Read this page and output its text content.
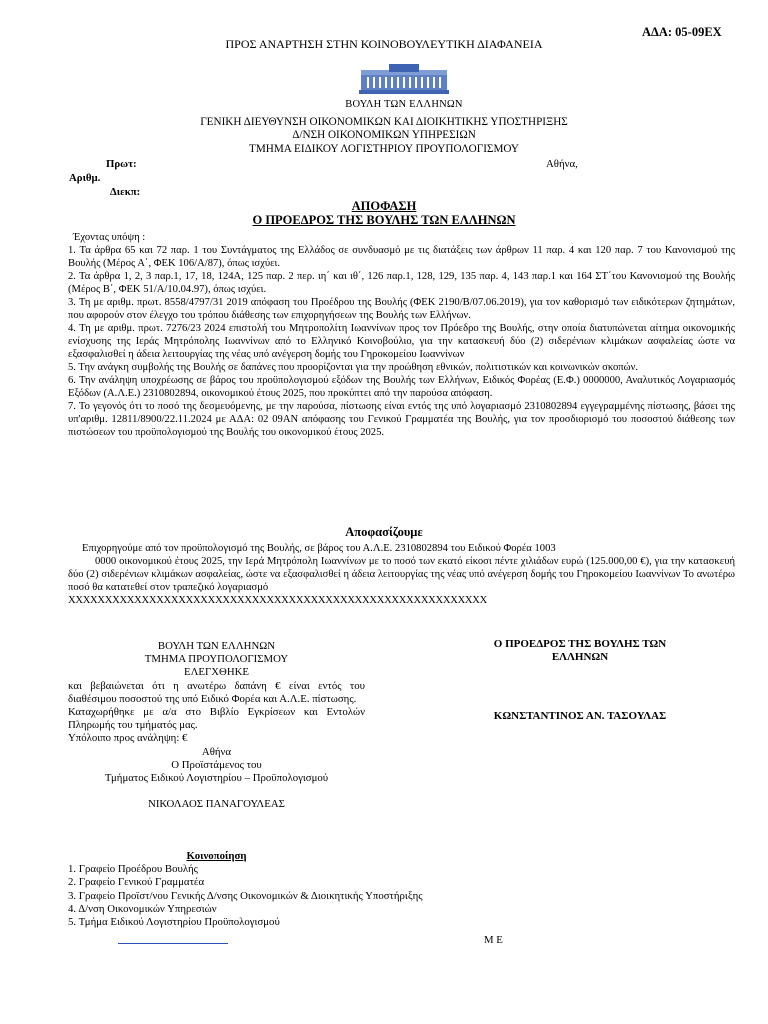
ΑΔΑ: 05-09ΕΧ
ΠΡΟΣ ΑΝΑΡΤΗΣΗ ΣΤΗΝ ΚΟΙΝΟΒΟΥΛΕΥΤΙΚΗ ΔΙΑΦΑΝΕΙΑ
ΒΟΥΛΗ ΤΩΝ ΕΛΛΗΝΩΝ
ΓΕΝΙΚΗ ΔΙΕΥΘΥΝΣΗ ΟΙΚΟΝΟΜΙΚΩΝ ΚΑΙ ΔΙΟΙΚΗΤΙΚΗΣ ΥΠΟΣΤΗΡΙΞΗΣ
Δ/ΝΣΗ ΟΙΚΟΝΟΜΙΚΩΝ ΥΠΗΡΕΣΙΩΝ
ΤΜΗΜΑ ΕΙΔΙΚΟΥ ΛΟΓΙΣΤΗΡΙΟΥ ΠΡΟΥΠΟΛΟΓΙΣΜΟΥ
Πρωτ:	Αθήνα,
Αριθμ.
Διεκπ:
ΑΠΟΦΑΣΗ
Ο ΠΡΟΕΔΡΟΣ ΤΗΣ ΒΟΥΛΗΣ ΤΩΝ ΕΛΛΗΝΩΝ

Έχοντας υπόψη :

1. Τα άρθρα 65 και 72 παρ. 1 του Συντάγματος της Ελλάδος σε συνδυασμό με τις διατάξεις των άρθρων 11 παρ. 4 και 120 παρ. 7 του Κανονισμού της Βουλής (Μέρος Α΄, ΦΕΚ 106/Α/87), όπως ισχύει.

2. Τα άρθρα 1, 2, 3 παρ.1, 17, 18, 124Α, 125 παρ. 2 περ. ιη΄ και ιθ΄, 126 παρ.1, 128, 129, 135 παρ. 4, 143 παρ.1 και 164 ΣΤ΄του Κανονισμού της Βουλής (Μέρος Β΄, ΦΕΚ 51/Α/10.04.97), όπως ισχύει.

3. Τη με αριθμ. πρωτ. 8558/4797/31 2019 απόφαση του Προέδρου της Βουλής (ΦΕΚ 2190/Β/07.06.2019), για τον καθορισμό των ειδικότερων ζητημάτων, που αφορούν στον έλεγχο του τρόπου διάθεσης των επιχορηγήσεων της Βουλής των Ελλήνων.

4. Τη με αριθμ. πρωτ. 7276/23 2024 επιστολή του Μητροπολίτη Ιωαννίνων προς τον Πρόεδρο της Βουλής, στην οποία διατυπώνεται αίτημα οικονομικής ενίσχυσης της Ιεράς Μητρόπολης Ιωαννίνων από το Ελληνικό Κοινοβούλιο, για την κατασκευή δύο (2) σιδερένιων κλιμάκων ασφαλείας ώστε να εξασφαλισθεί η άδεια λειτουργίας της νέας υπό ανέγερση δομής του Γηροκομείου Ιωαννίνων

5. Την ανάγκη συμβολής της Βουλής σε δαπάνες που προορίζονται για την προώθηση εθνικών, πολιτιστικών και κοινωνικών σκοπών.

6. Την ανάληψη υποχρέωσης σε βάρος του προϋπολογισμού εξόδων της Βουλής των Ελλήνων, Ειδικός Φορέας (Ε.Φ.) 0000000, Αναλυτικός Λογαριασμός Εξόδων (Α.Λ.Ε.) 2310802894, οικονομικού έτους 2025, που προκύπτει από την παρούσα απόφαση.

7. Το γεγονός ότι το ποσό της δεσμευόμενης, με την παρούσα, πίστωσης είναι εντός της υπό λογαριασμό 2310802894 εγγεγραμμένης πίστωσης, βάσει της υπ'αριθμ. 12811/8900/22.11.2024 με ΑΔΑ: 02 09ΑΝ απόφασης του Γενικού Γραμματέα της Βουλής, για τον προσδιορισμό του ποσοστού διάθεσης των πιστώσεων του προϋπολογισμού της Βουλής του οικονομικού έτους 2025.

Αποφασίζουμε

Επιχορηγούμε από τον προϋπολογισμό της Βουλής, σε βάρος του Α.Λ.Ε. 2310802894 του Ειδικού Φορέα 1003

0000 οικονομικού έτους 2025, την Ιερά Μητρόπολη Ιωαννίνων με το ποσό των εκατό είκοσι πέντε χιλιάδων ευρώ (125.000,00 €), για την κατασκευή δύο (2) σιδερένιων κλιμάκων ασφαλείας, ώστε να εξασφαλισθεί η άδεια λειτουργίας της νέας υπό ανέγερση δομής του Γηροκομείου Ιωαννίνων Το ανωτέρω ποσό θα κατατεθεί στον τραπεζικό λογαριασμό

XXXXXXXXXXXXXXXXXXXXXXXXXXXXXXXXXXXXXXXXXXXXXXXXXXXXXXXXX

ΒΟΥΛΗ ΤΩΝ ΕΛΛΗΝΩΝ

ΤΜΗΜΑ ΠΡΟΥΠΟΛΟΓΙΣΜΟΥ

ΕΛΕΓΧΘΗΚΕ

και βεβαιώνεται ότι η ανωτέρω δαπάνη € είναι εντός του διαθέσιμου ποσοστού της υπό Ειδικό Φορέα και Α.Λ.Ε. πίστωσης.

Καταχωρήθηκε με α/α στο Βιβλίο Εγκρίσεων και Εντολών Πληρωμής του τμήματός μας.

Υπόλοιπο προς ανάληψη: €

Αθήνα

Ο Προϊστάμενος του

Τμήματος Ειδικού Λογιστηρίου – Προϋπολογισμού

ΝΙΚΟΛΑΟΣ ΠΑΝΑΓΟΥΛΕΑΣ

Ο ΠΡΟΕΔΡΟΣ ΤΗΣ ΒΟΥΛΗΣ ΤΩΝ
ΕΛΛΗΝΩΝ
ΚΩΝΣΤΑΝΤΙΝΟΣ ΑΝ. ΤΑΣΟΥΛΑΣ
Κοινοποίηση
1. Γραφείο Προέδρου Βουλής
2. Γραφείο Γενικού Γραμματέα
3. Γραφείο Προϊστ/νου Γενικής Δ/νσης Οικονομικών & Διοικητικής Υποστήριξης
4. Δ/νση Οικονομικών Υπηρεσιών
5. Τμήμα Ειδικού Λογιστηρίου Προϋπολογισμού
Μ Ε
